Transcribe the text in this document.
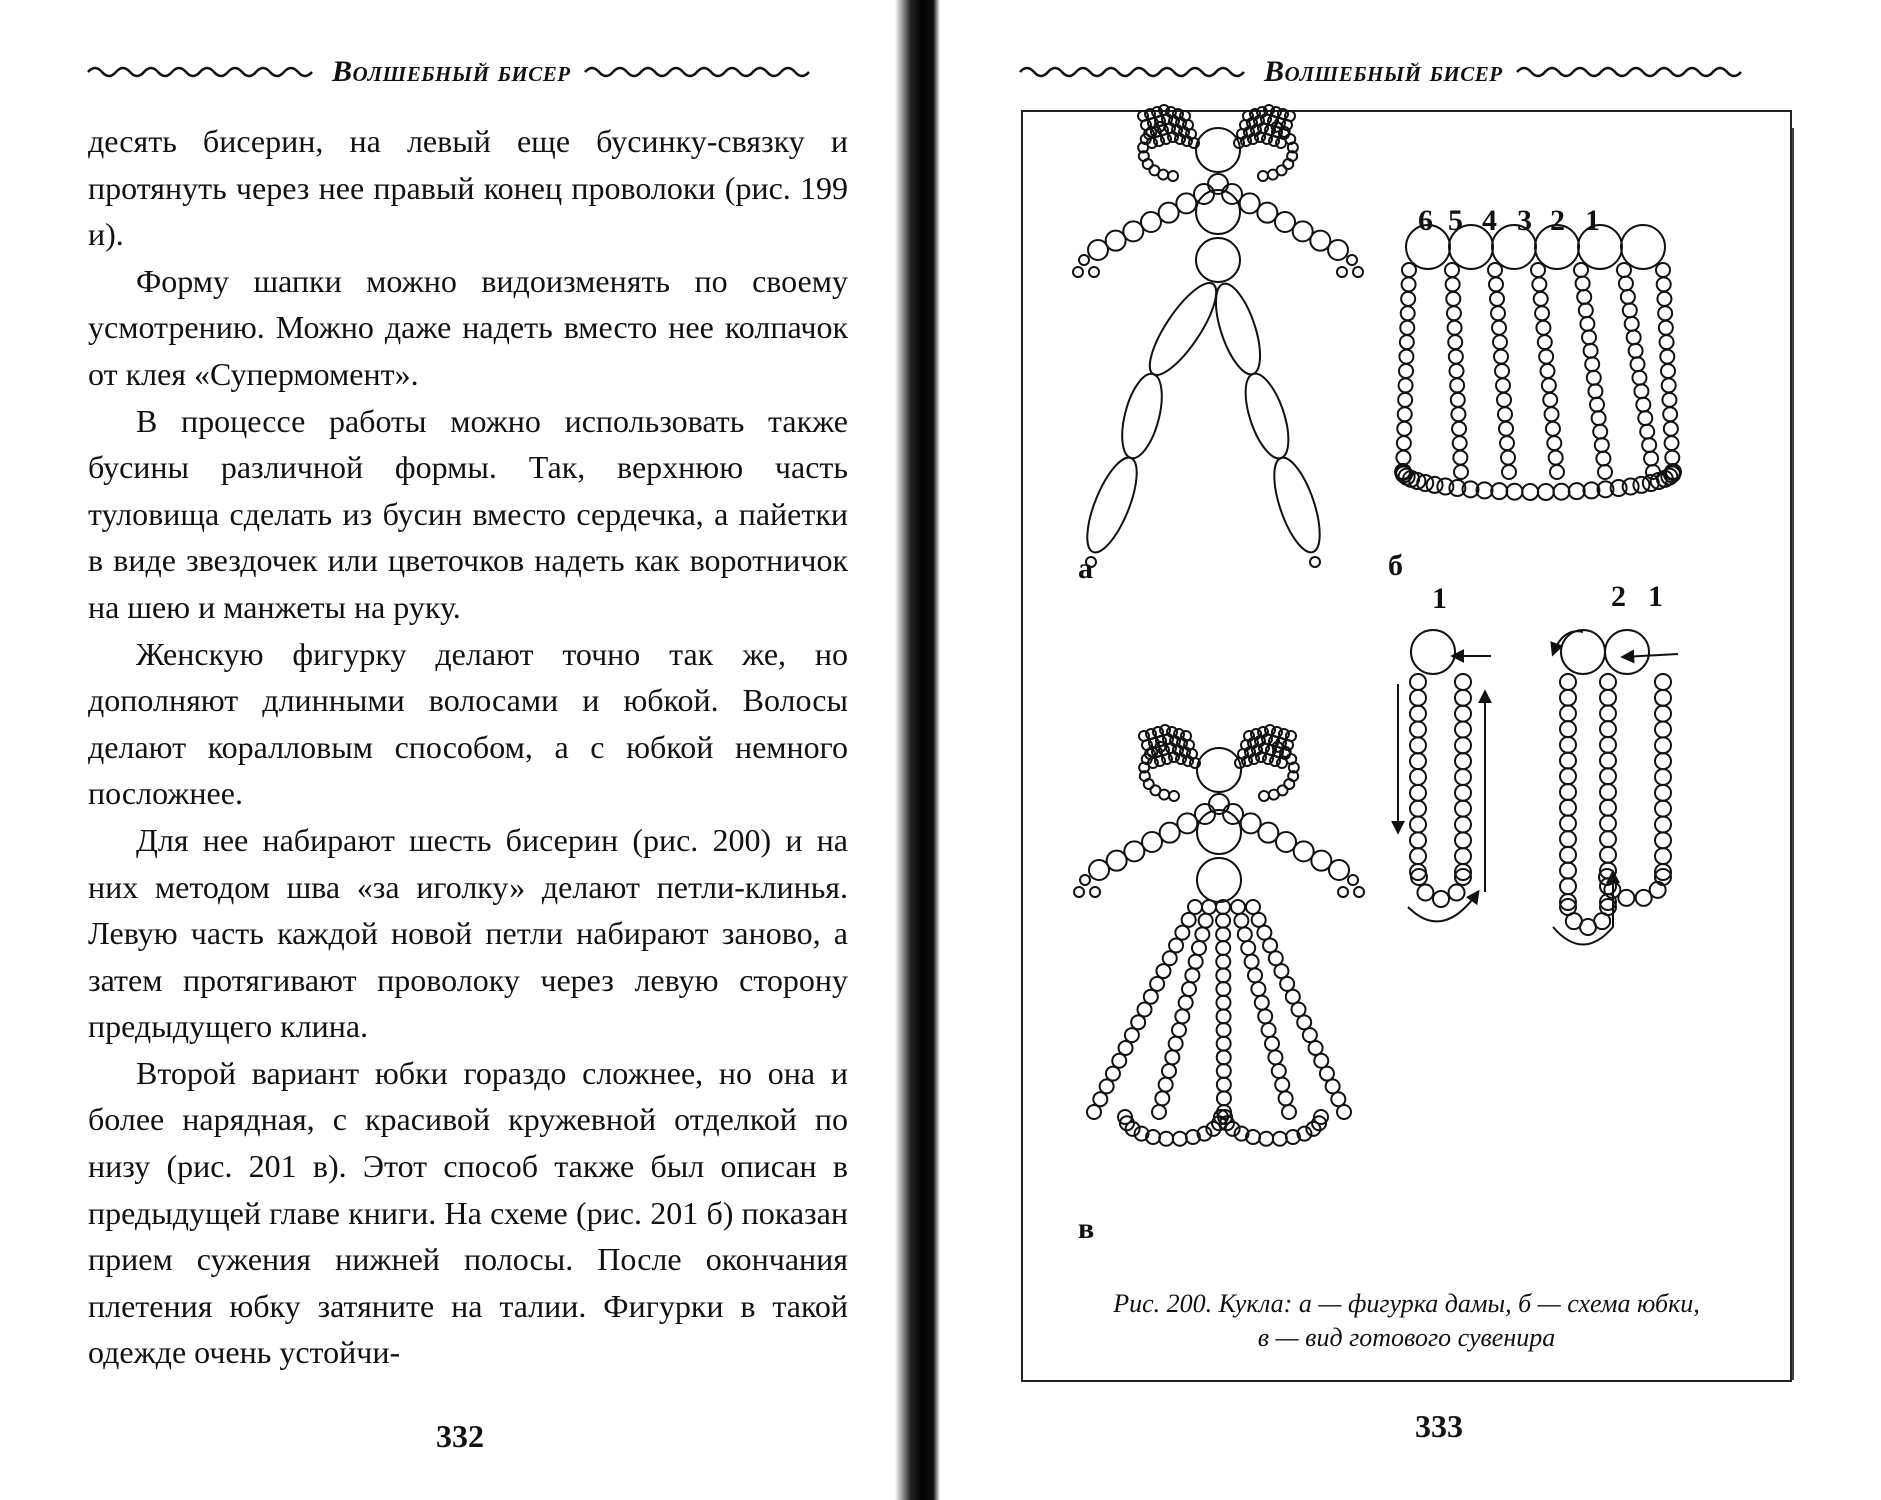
Волшебный бисер

десять бисерин, на левый еще бусинку-связку и протянуть через нее правый конец проволоки (рис. 199 и).

Форму шапки можно видоизменять по своему усмотрению. Можно даже надеть вместо нее колпачок от клея «Супермомент».

В процессе работы можно использовать также бусины различной формы. Так, верхнюю часть туловища сделать из бусин вместо сердечка, а пайетки в виде звездочек или цветочков надеть как воротничок на шею и манжеты на руку.

Женскую фигурку делают точно так же, но дополняют длинными волосами и юбкой. Волосы делают коралловым способом, а с юбкой немного посложнее.

Для нее набирают шесть бисерин (рис. 200) и на них методом шва «за иголку» делают петли-клинья. Левую часть каждой новой петли набирают заново, а затем протягивают проволоку через левую сторону предыдущего клина.

Второй вариант юбки гораздо сложнее, но она и более нарядная, с красивой кружевной отделкой по низу (рис. 201 в). Этот способ также был описан в предыдущей главе книги. На схеме (рис. 201 б) показан прием сужения нижней полосы. После окончания плетения юбку затяните на талии. Фигурки в такой одежде очень устойчи-

332
Волшебный бисер
а	б
в
6 5 4 3 2 1
1	2 1
Рис. 200. Кукла: а — фигурка дамы, б — схема юбки,
в — вид готового сувенира
333
